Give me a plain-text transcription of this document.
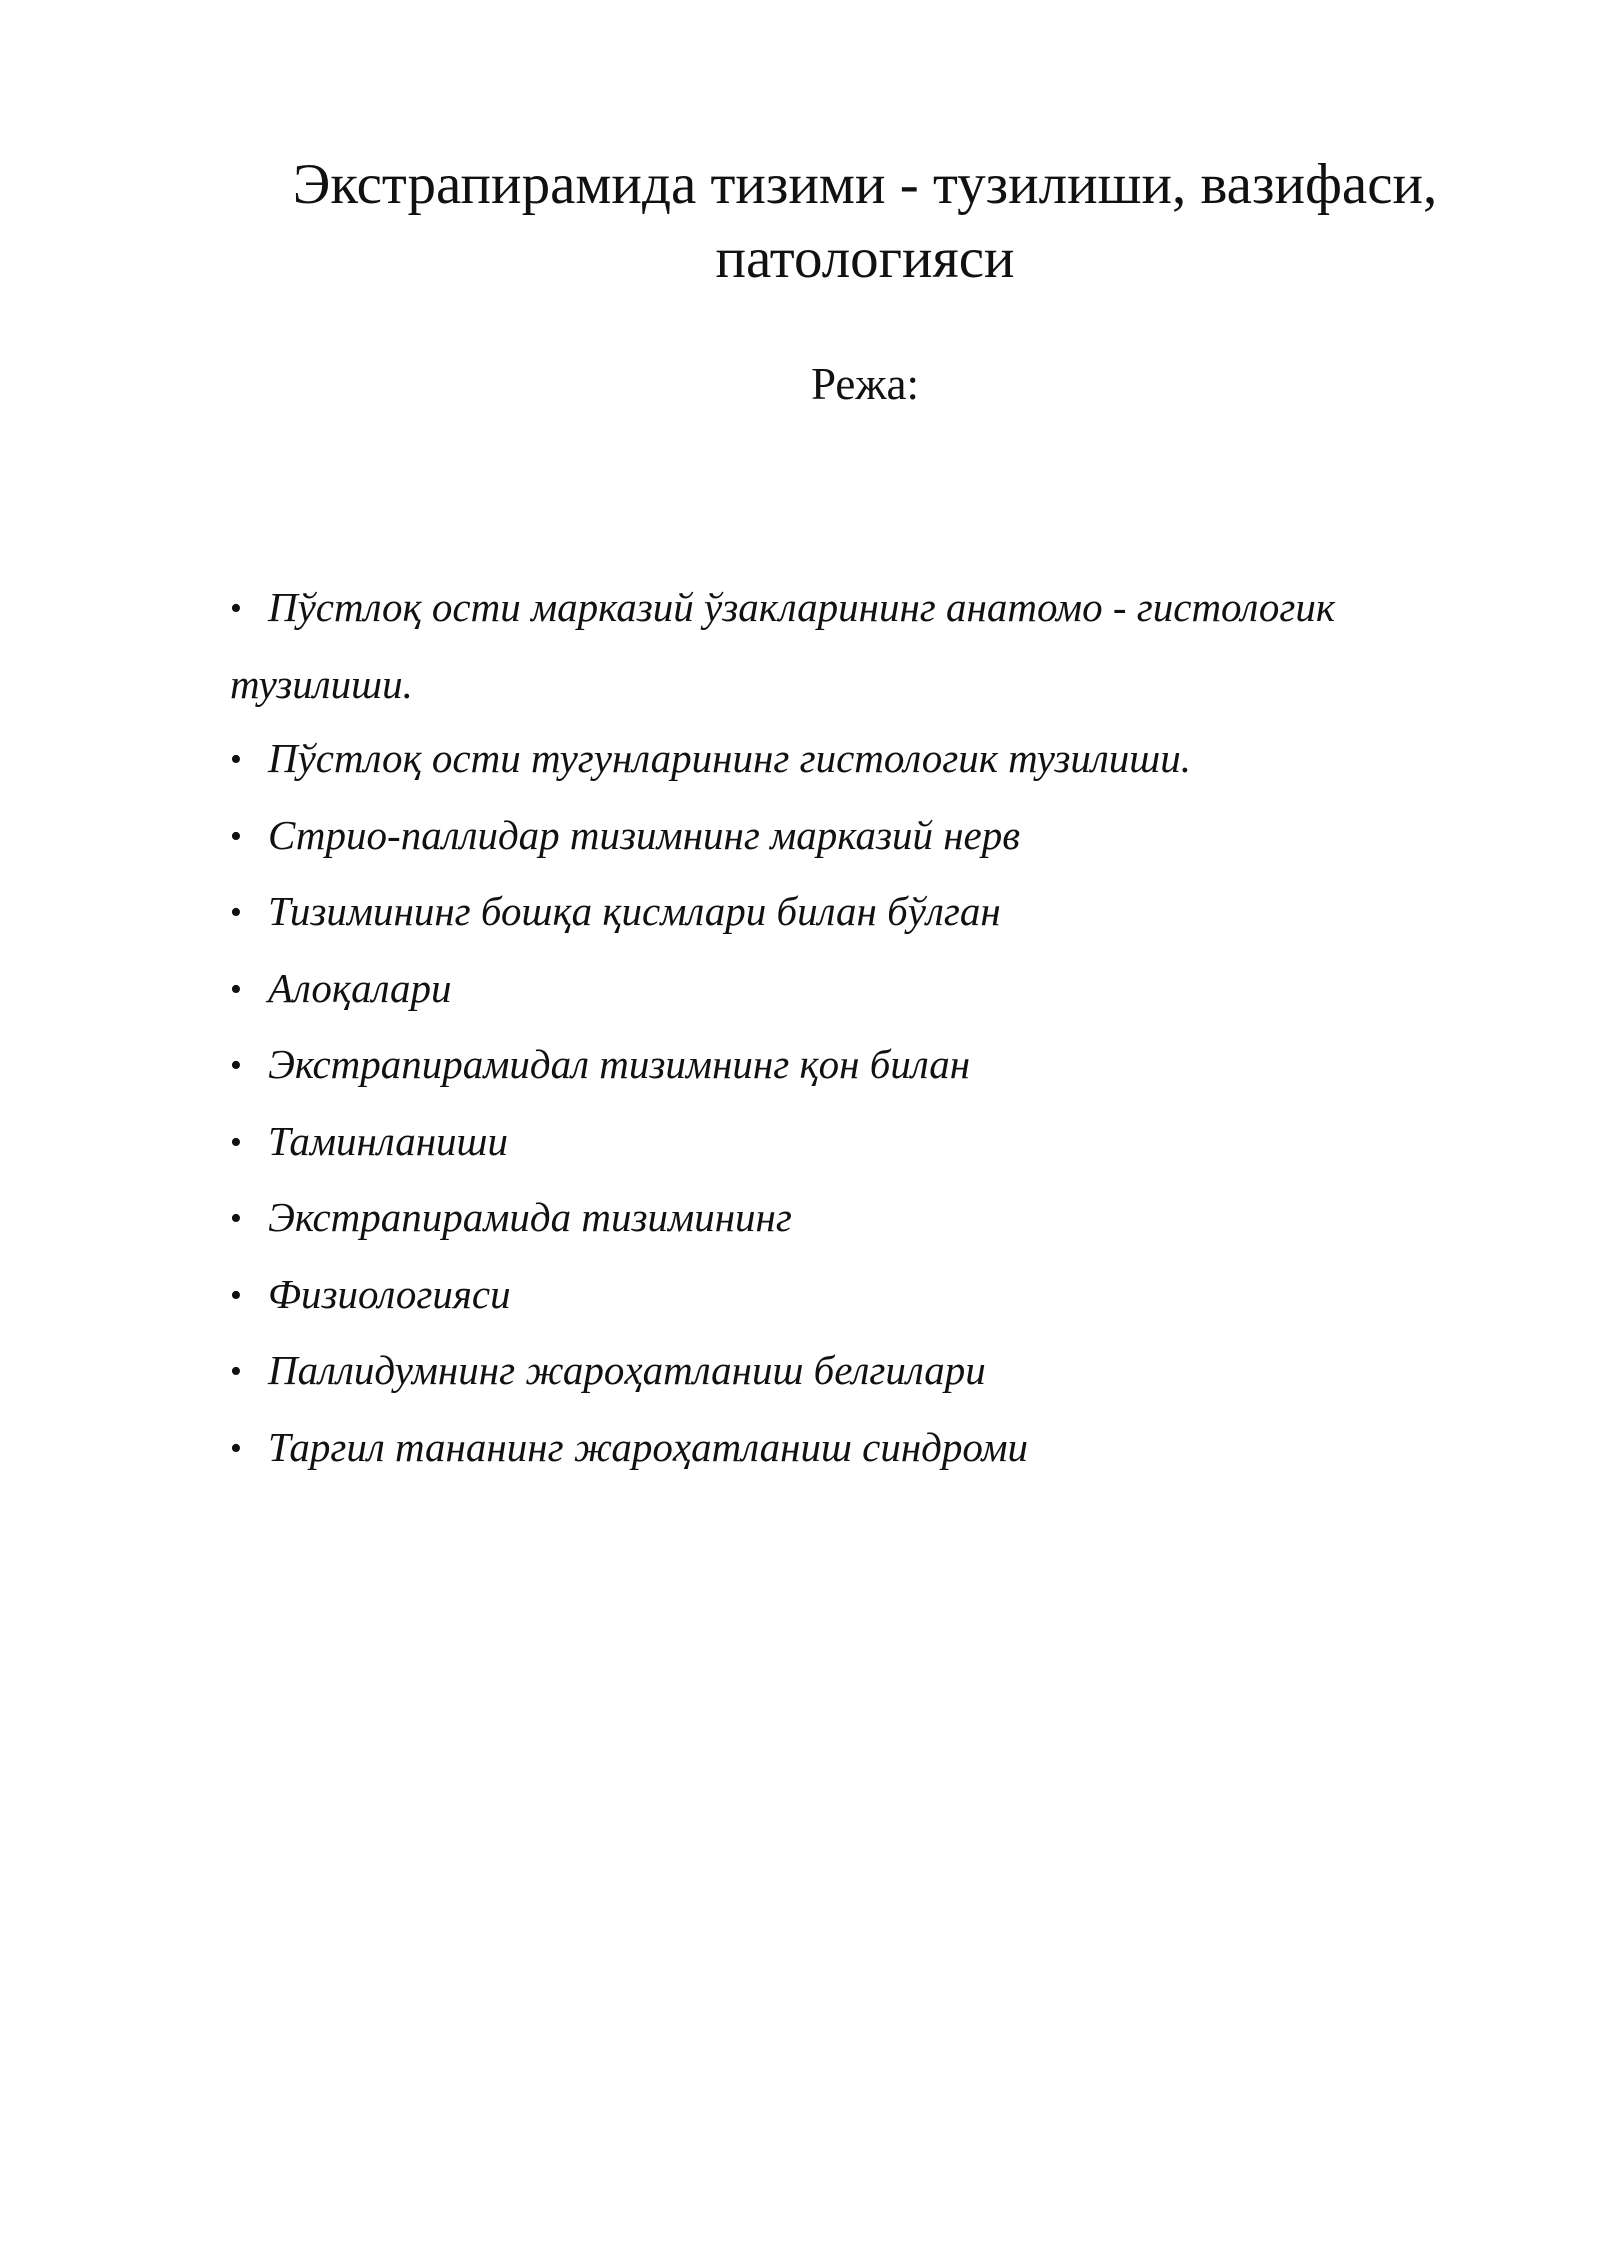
Экстрапирамида тизими - тузилиши, вазифаси, патологияси
Режа:
• Пўстлоқ ости марказий ўзакларининг анатомо - гистологик тузилиши.
• Пўстлоқ ости тугунларининг гистологик тузилиши.
• Стрио-паллидар тизимнинг марказий нерв
• Тизимининг бошқа қисмлари билан бўлган
• Алоқалари
• Экстрапирамидал тизимнинг қон билан
• Таминланиши
• Экстрапирамида тизимининг
• Физиологияси
• Паллидумнинг жароҳатланиш белгилари
• Таргил тананинг жароҳатланиш синдроми
